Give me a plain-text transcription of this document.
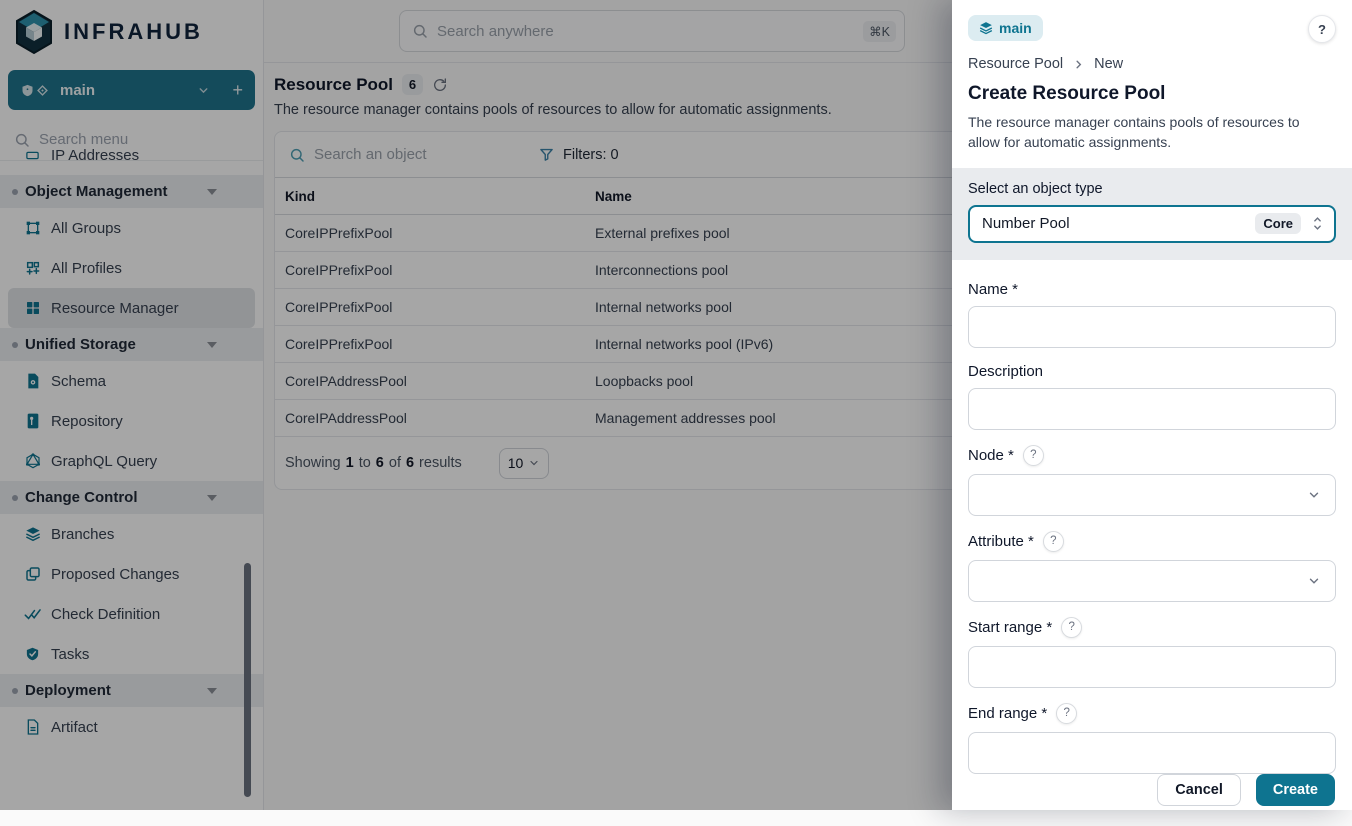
INFRAHUB
main	+
Search menu
IP Addresses
Object Management
All Groups
All Profiles
Resource Manager
Unified Storage
Schema
Repository
GraphQL Query
Change Control
Branches
Proposed Changes
Check Definition
Tasks
Deployment
Artifact
Search anywhere
⌘K
Resource Pool	6
The resource manager contains pools of resources to allow for automatic assignments.
Search an object
Filters: 0
Kind	Name
CoreIPPrefixPool	External prefixes pool
CoreIPPrefixPool	Interconnections pool
CoreIPPrefixPool	Internal networks pool
CoreIPPrefixPool	Internal networks pool (IPv6)
CoreIPAddressPool	Loopbacks pool
CoreIPAddressPool	Management addresses pool
Showing 1 to 6 of 6 results	10
main	?
Resource Pool New
Create Resource Pool
The resource manager contains pools of resources to allow for automatic assignments.
Select an object type
Number Pool	Core
Name *
Description
Node *	?
Attribute *	?
Start range *	?
End range *	?
Cancel	Create
